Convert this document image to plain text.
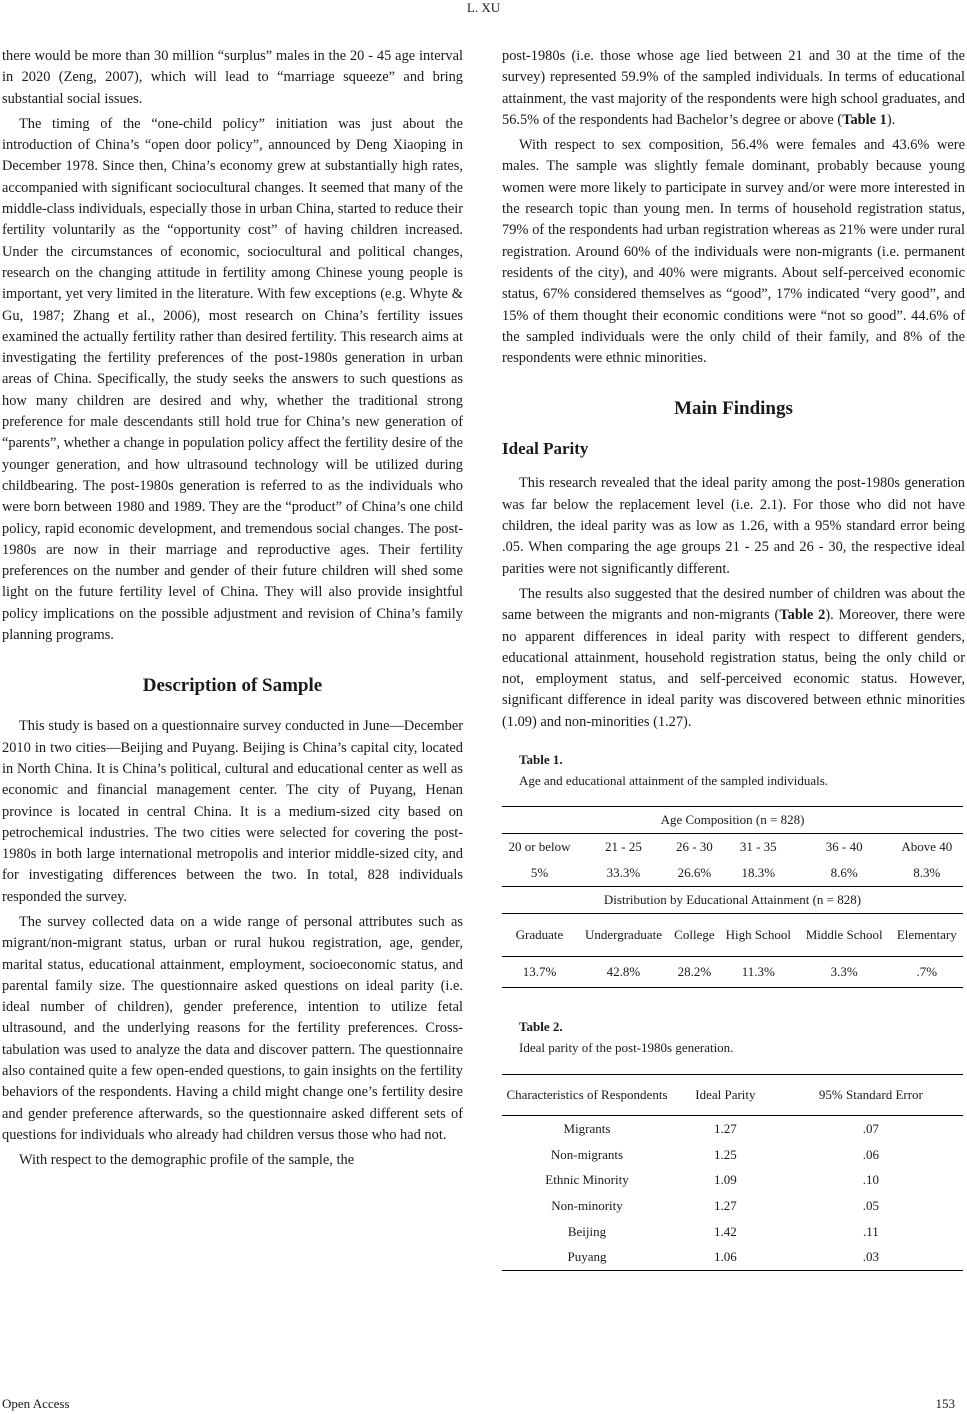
L. XU

there would be more than 30 million “surplus” males in the 20 - 45 age interval in 2020 (Zeng, 2007), which will lead to “marriage squeeze” and bring substantial social issues.

The timing of the “one-child policy” initiation was just about the introduction of China’s “open door policy”, announced by Deng Xiaoping in December 1978. Since then, China’s economy grew at substantially high rates, accompanied with significant sociocultural changes. It seemed that many of the middle-class individuals, especially those in urban China, started to reduce their fertility voluntarily as the “opportunity cost” of having children increased. Under the circumstances of economic, sociocultural and political changes, research on the changing attitude in fertility among Chinese young people is important, yet very limited in the literature. With few exceptions (e.g. Whyte & Gu, 1987; Zhang et al., 2006), most research on China’s fertility issues examined the actually fertility rather than desired fertility. This research aims at investigating the fertility preferences of the post-1980s generation in urban areas of China. Specifically, the study seeks the answers to such questions as how many children are desired and why, whether the traditional strong preference for male descendants still hold true for China’s new generation of “parents”, whether a change in population policy affect the fertility desire of the younger generation, and how ultrasound technology will be utilized during childbearing. The post-1980s generation is referred to as the individuals who were born between 1980 and 1989. They are the “product” of China’s one child policy, rapid economic development, and tremendous social changes. The post-1980s are now in their marriage and reproductive ages. Their fertility preferences on the number and gender of their future children will shed some light on the future fertility level of China. They will also provide insightful policy implications on the possible adjustment and revision of China’s family planning programs.

Description of Sample

This study is based on a questionnaire survey conducted in June—December 2010 in two cities—Beijing and Puyang. Beijing is China’s capital city, located in North China. It is China’s political, cultural and educational center as well as economic and financial management center. The city of Puyang, Henan province is located in central China. It is a medium-sized city based on petrochemical industries. The two cities were selected for covering the post-1980s in both large international metropolis and interior middle-sized city, and for investigating differences between the two. In total, 828 individuals responded the survey.

The survey collected data on a wide range of personal attributes such as migrant/non-migrant status, urban or rural hukou registration, age, gender, marital status, educational attainment, employment, socioeconomic status, and parental family size. The questionnaire asked questions on ideal parity (i.e. ideal number of children), gender preference, intention to utilize fetal ultrasound, and the underlying reasons for the fertility preferences. Cross-tabulation was used to analyze the data and discover pattern. The questionnaire also contained quite a few open-ended questions, to gain insights on the fertility behaviors of the respondents. Having a child might change one’s fertility desire and gender preference afterwards, so the questionnaire asked different sets of questions for individuals who already had children versus those who had not.

With respect to the demographic profile of the sample, the

post-1980s (i.e. those whose age lied between 21 and 30 at the time of the survey) represented 59.9% of the sampled individuals. In terms of educational attainment, the vast majority of the respondents were high school graduates, and 56.5% of the respondents had Bachelor’s degree or above (Table 1).

With respect to sex composition, 56.4% were females and 43.6% were males. The sample was slightly female dominant, probably because young women were more likely to participate in survey and/or were more interested in the research topic than young men. In terms of household registration status, 79% of the respondents had urban registration whereas as 21% were under rural registration. Around 60% of the individuals were non-migrants (i.e. permanent residents of the city), and 40% were migrants. About self-perceived economic status, 67% considered themselves as “good”, 17% indicated “very good”, and 15% of them thought their economic conditions were “not so good”. 44.6% of the sampled individuals were the only child of their family, and 8% of the respondents were ethnic minorities.

Main Findings
Ideal Parity

This research revealed that the ideal parity among the post-1980s generation was far below the replacement level (i.e. 2.1). For those who did not have children, the ideal parity was as low as 1.26, with a 95% standard error being .05. When comparing the age groups 21 - 25 and 26 - 30, the respective ideal parities were not significantly different.

The results also suggested that the desired number of children was about the same between the migrants and non-migrants (Table 2). Moreover, there were no apparent differences in ideal parity with respect to different genders, educational attainment, household registration status, being the only child or not, employment status, and self-perceived economic status. However, significant difference in ideal parity was discovered between ethnic minorities (1.09) and non-minorities (1.27).

Table 1.

Age and educational attainment of the sampled individuals.

Age Composition (n = 828)					
20 or below	21 - 25	26 - 30	31 - 35	36 - 40	Above 40
5%	33.3%	26.6%	18.3%	8.6%	8.3%
Distribution by Educational Attainment (n = 828)					
Graduate	Undergraduate	College	High School	Middle School	Elementary
13.7%	42.8%	28.2%	11.3%	3.3%	.7%

Table 2.

Ideal parity of the post-1980s generation.

Characteristics of Respondents	Ideal Parity	95% Standard Error
Migrants	1.27	.07
Non-migrants	1.25	.06
Ethnic Minority	1.09	.10
Non-minority	1.27	.05
Beijing	1.42	.11
Puyang	1.06	.03
Open Access	153
